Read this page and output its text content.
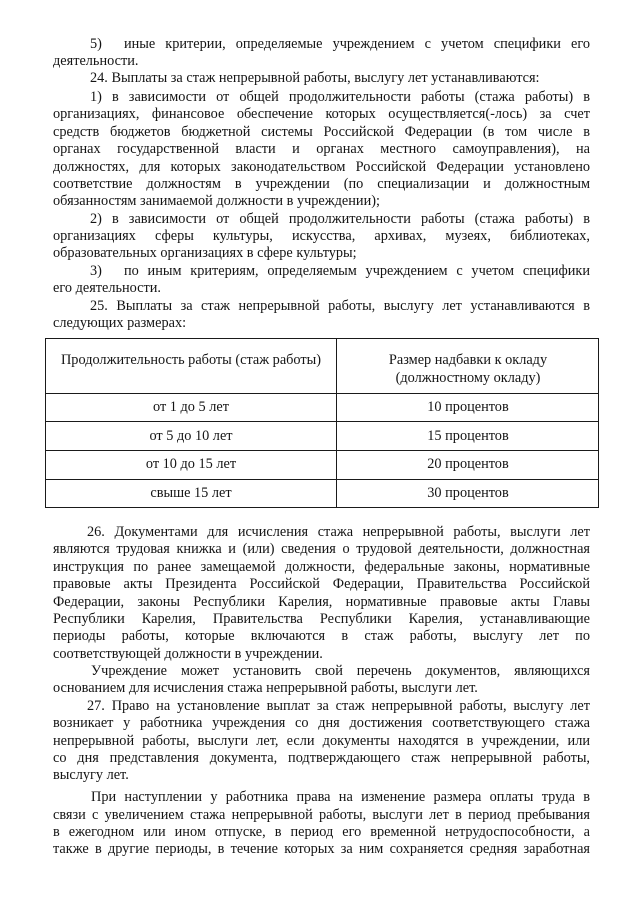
5) иные критерии, определяемые учреждением с учетом специфики его
деятельности.
24. Выплаты за стаж непрерывной работы, выслугу лет устанавливаются:
1) в зависимости от общей продолжительности работы (стажа работы) в
организациях, финансовое обеспечение которых осуществляется(-лось) за счет
средств бюджетов бюджетной системы Российской Федерации (в том числе в
органах государственной власти и органах местного самоуправления), на
должностях, для которых законодательством Российской Федерации установлено
соответствие должностям в учреждении (по специализации и должностным
обязанностям занимаемой должности в учреждении);
2) в зависимости от общей продолжительности работы (стажа работы) в
организациях сферы культуры, искусства, архивах, музеях, библиотеках,
образовательных организациях в сфере культуры;
3) по иным критериям, определяемым учреждением с учетом специфики
его деятельности.
25. Выплаты за стаж непрерывной работы, выслугу лет устанавливаются в
следующих размерах:
Продолжительность работы (стаж работы)	Размер надбавки к окладу
(должностному окладу)
от 1 до 5 лет	10 процентов
от 5 до 10 лет	15 процентов
от 10 до 15 лет	20 процентов
свыше 15 лет	30 процентов
26. Документами для исчисления стажа непрерывной работы, выслуги лет
являются трудовая книжка и (или) сведения о трудовой деятельности, должностная
инструкция по ранее замещаемой должности, федеральные законы, нормативные
правовые акты Президента Российской Федерации, Правительства Российской
Федерации, законы Республики Карелия, нормативные правовые акты Главы
Республики Карелия, Правительства Республики Карелия, устанавливающие
периоды работы, которые включаются в стаж работы, выслугу лет по
соответствующей должности в учреждении.
Учреждение может установить свой перечень документов, являющихся
основанием для исчисления стажа непрерывной работы, выслуги лет.
27. Право на установление выплат за стаж непрерывной работы, выслугу лет
возникает у работника учреждения со дня достижения соответствующего стажа
непрерывной работы, выслуги лет, если документы находятся в учреждении, или
со дня представления документа, подтверждающего стаж непрерывной работы,
выслугу лет.
При наступлении у работника права на изменение размера оплаты труда в
связи с увеличением стажа непрерывной работы, выслуги лет в период пребывания
в ежегодном или ином отпуске, в период его временной нетрудоспособности, а
также в другие периоды, в течение которых за ним сохраняется средняя заработная
